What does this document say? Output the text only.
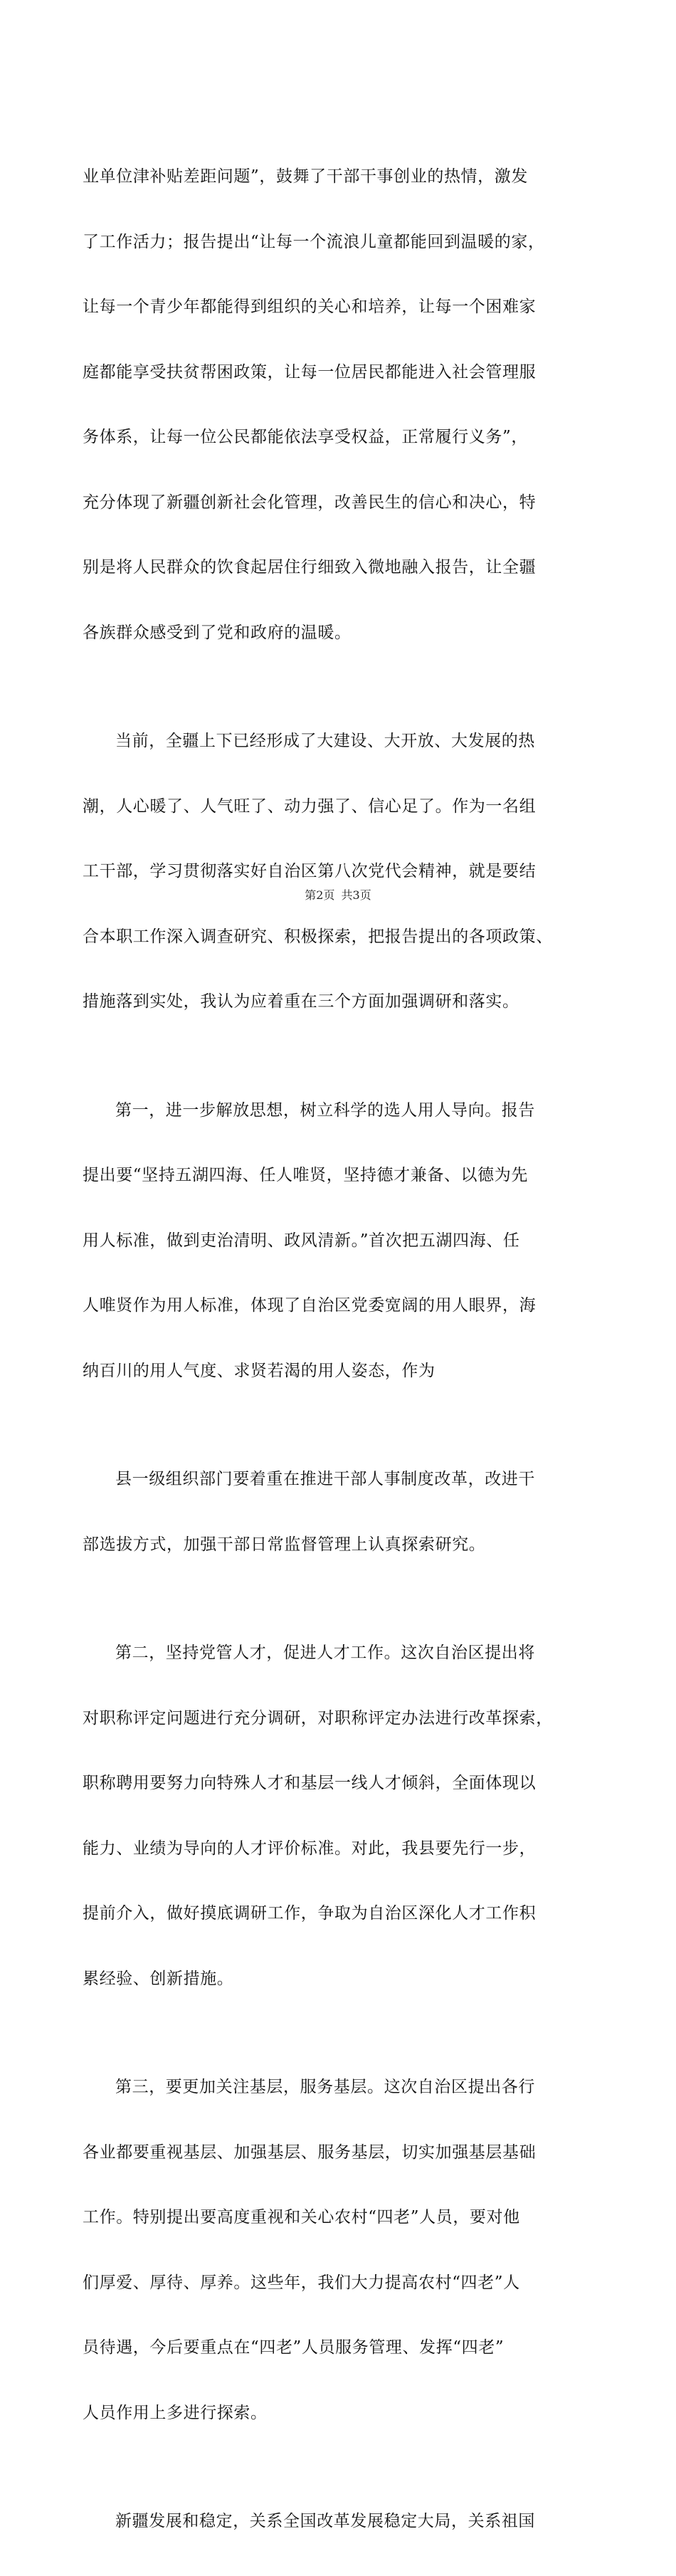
业单位津补贴差距问题”，鼓舞了干部干事创业的热情，激发

了工作活力；报告提出“让每一个流浪儿童都能回到温暖的家，

让每一个青少年都能得到组织的关心和培养，让每一个困难家

庭都能享受扶贫帮困政策，让每一位居民都能进入社会管理服

务体系，让每一位公民都能依法享受权益，正常履行义务”，

充分体现了新疆创新社会化管理，改善民生的信心和决心，特

别是将人民群众的饮食起居住行细致入微地融入报告，让全疆

各族群众感受到了党和政府的温暖。

当前，全疆上下已经形成了大建设、大开放、大发展的热

潮，人心暖了、人气旺了、动力强了、信心足了。作为一名组

工干部，学习贯彻落实好自治区第八次党代会精神，就是要结

合本职工作深入调查研究、积极探索，把报告提出的各项政策、

措施落到实处，我认为应着重在三个方面加强调研和落实。

第一，进一步解放思想，树立科学的选人用人导向。报告

提出要“坚持五湖四海、任人唯贤，坚持德才兼备、以德为先

用人标准，做到吏治清明、政风清新。”首次把五湖四海、任

人唯贤作为用人标准，体现了自治区党委宽阔的用人眼界，海

纳百川的用人气度、求贤若渴的用人姿态，作为

县一级组织部门要着重在推进干部人事制度改革，改进干

部选拔方式，加强干部日常监督管理上认真探索研究。

第二，坚持党管人才，促进人才工作。这次自治区提出将

对职称评定问题进行充分调研，对职称评定办法进行改革探索，

职称聘用要努力向特殊人才和基层一线人才倾斜，全面体现以

能力、业绩为导向的人才评价标准。对此，我县要先行一步，

提前介入，做好摸底调研工作，争取为自治区深化人才工作积

累经验、创新措施。

第三，要更加关注基层，服务基层。这次自治区提出各行

各业都要重视基层、加强基层、服务基层，切实加强基层基础

工作。特别提出要高度重视和关心农村“四老”人员，要对他

们厚爱、厚待、厚养。这些年，我们大力提高农村“四老”人

员待遇，今后要重点在“四老”人员服务管理、发挥“四老”

人员作用上多进行探索。

新疆发展和稳定，关系全国改革发展稳定大局，关系祖国

第2页 共3页
